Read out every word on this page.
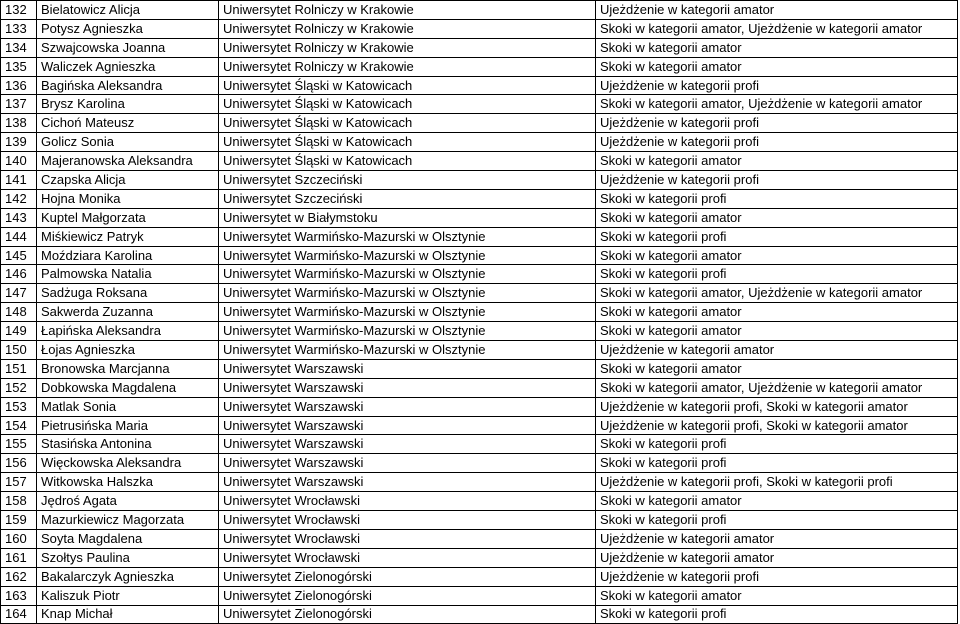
132	Bielatowicz Alicja	Uniwersytet Rolniczy w Krakowie	Ujeżdżenie w kategorii amator
133	Potysz Agnieszka	Uniwersytet Rolniczy w Krakowie	Skoki w kategorii amator, Ujeżdżenie w kategorii amator
134	Szwajcowska Joanna	Uniwersytet Rolniczy w Krakowie	Skoki w kategorii amator
135	Waliczek Agnieszka	Uniwersytet Rolniczy w Krakowie	Skoki w kategorii amator
136	Bagińska Aleksandra	Uniwersytet Śląski w Katowicach	Ujeżdżenie w kategorii profi
137	Brysz Karolina	Uniwersytet Śląski w Katowicach	Skoki w kategorii amator, Ujeżdżenie w kategorii amator
138	Cichoń Mateusz	Uniwersytet Śląski w Katowicach	Ujeżdżenie w kategorii profi
139	Golicz Sonia	Uniwersytet Śląski w Katowicach	Ujeżdżenie w kategorii profi
140	Majeranowska Aleksandra	Uniwersytet Śląski w Katowicach	Skoki w kategorii amator
141	Czapska Alicja	Uniwersytet Szczeciński	Ujeżdżenie w kategorii profi
142	Hojna Monika	Uniwersytet Szczeciński	Skoki w kategorii profi
143	Kuptel Małgorzata	Uniwersytet w Białymstoku	Skoki w kategorii amator
144	Miśkiewicz Patryk	Uniwersytet Warmińsko-Mazurski w Olsztynie	Skoki w kategorii profi
145	Moździara Karolina	Uniwersytet Warmińsko-Mazurski w Olsztynie	Skoki w kategorii amator
146	Palmowska Natalia	Uniwersytet Warmińsko-Mazurski w Olsztynie	Skoki w kategorii profi
147	Sadżuga Roksana	Uniwersytet Warmińsko-Mazurski w Olsztynie	Skoki w kategorii amator, Ujeżdżenie w kategorii amator
148	Sakwerda Zuzanna	Uniwersytet Warmińsko-Mazurski w Olsztynie	Skoki w kategorii amator
149	Łapińska Aleksandra	Uniwersytet Warmińsko-Mazurski w Olsztynie	Skoki w kategorii amator
150	Łojas Agnieszka	Uniwersytet Warmińsko-Mazurski w Olsztynie	Ujeżdżenie w kategorii amator
151	Bronowska Marcjanna	Uniwersytet Warszawski	Skoki w kategorii amator
152	Dobkowska Magdalena	Uniwersytet Warszawski	Skoki w kategorii amator, Ujeżdżenie w kategorii amator
153	Matlak Sonia	Uniwersytet Warszawski	Ujeżdżenie w kategorii profi, Skoki w kategorii amator
154	Pietrusińska Maria	Uniwersytet Warszawski	Ujeżdżenie w kategorii profi, Skoki w kategorii amator
155	Stasińska Antonina	Uniwersytet Warszawski	Skoki w kategorii profi
156	Więckowska Aleksandra	Uniwersytet Warszawski	Skoki w kategorii profi
157	Witkowska Halszka	Uniwersytet Warszawski	Ujeżdżenie w kategorii profi, Skoki w kategorii profi
158	Jędroś Agata	Uniwersytet Wrocławski	Skoki w kategorii amator
159	Mazurkiewicz Magorzata	Uniwersytet Wrocławski	Skoki w kategorii profi
160	Soyta Magdalena	Uniwersytet Wrocławski	Ujeżdżenie w kategorii amator
161	Szołtys Paulina	Uniwersytet Wrocławski	Ujeżdżenie w kategorii amator
162	Bakalarczyk Agnieszka	Uniwersytet Zielonogórski	Ujeżdżenie w kategorii profi
163	Kaliszuk Piotr	Uniwersytet Zielonogórski	Skoki w kategorii amator
164	Knap Michał	Uniwersytet Zielonogórski	Skoki w kategorii profi
